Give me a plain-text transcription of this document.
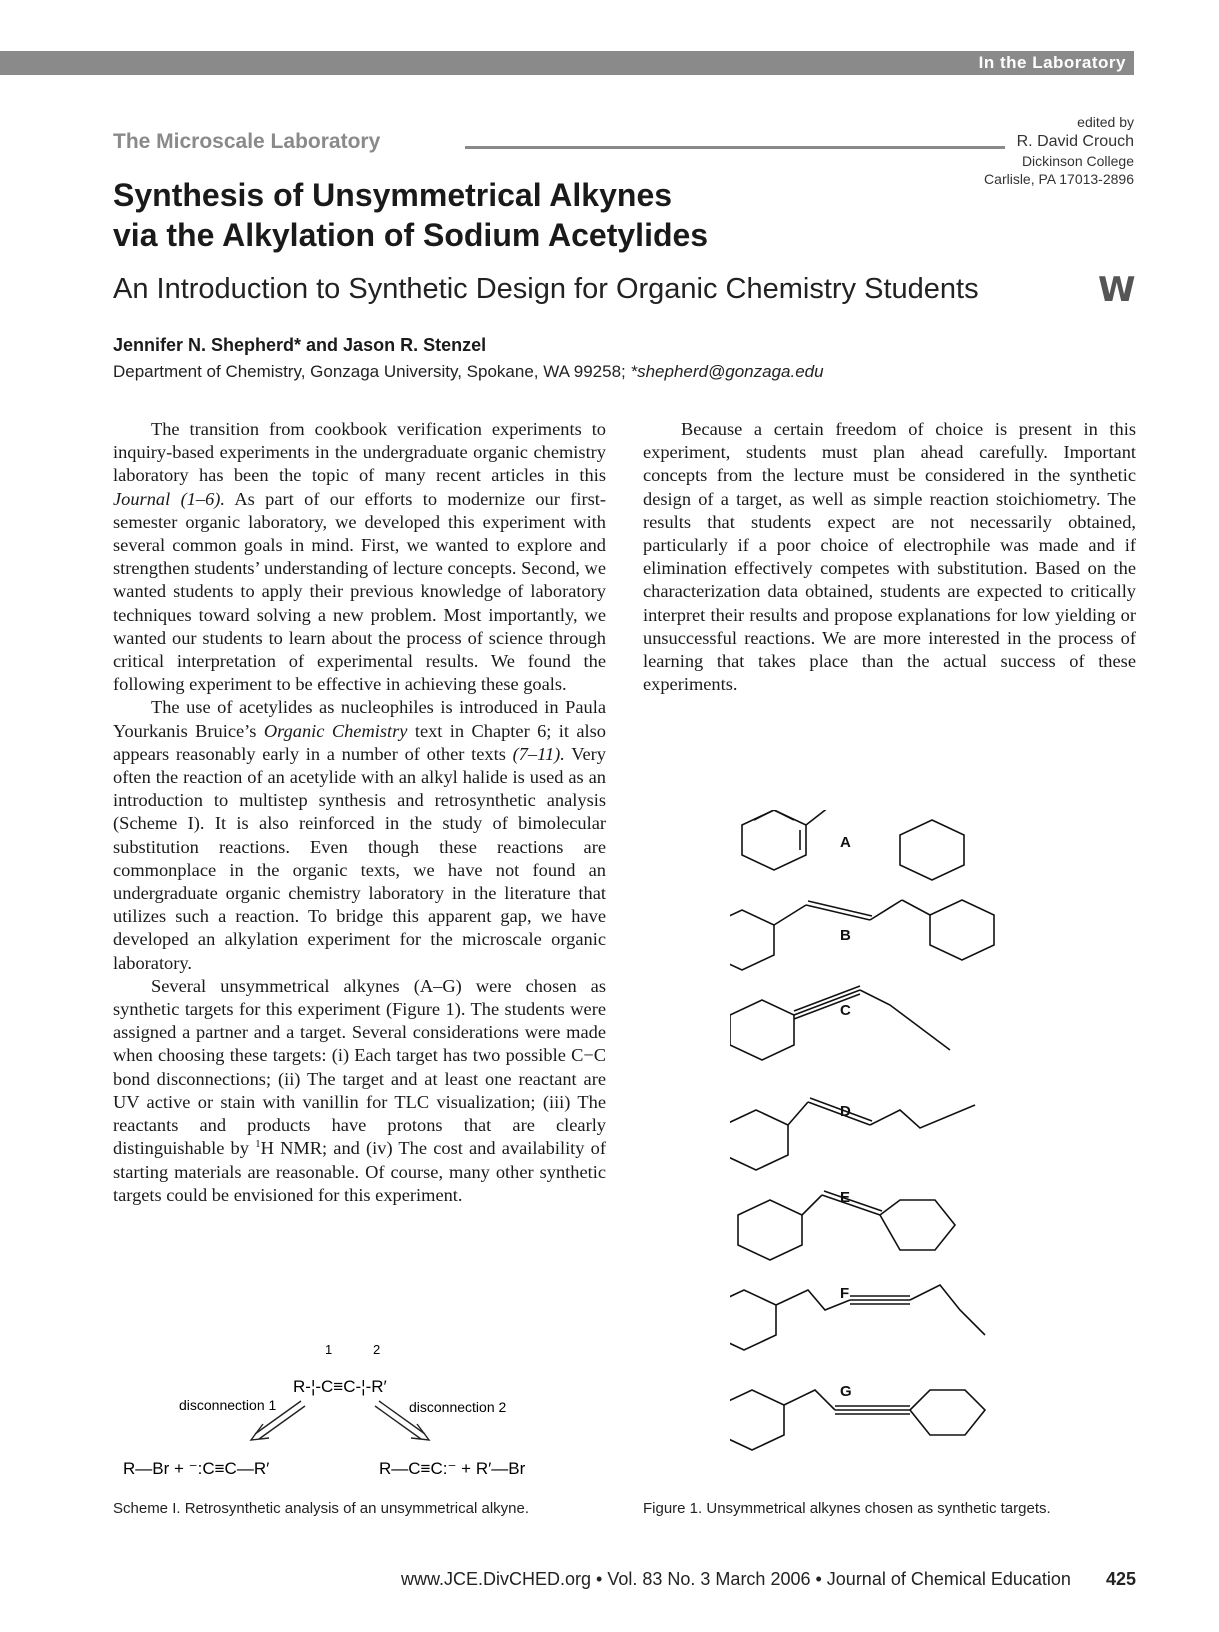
In the Laboratory
edited by
R. David Crouch
Dickinson College
Carlisle, PA 17013-2896
The Microscale Laboratory
Synthesis of Unsymmetrical Alkynes
via the Alkylation of Sodium Acetylides
An Introduction to Synthetic Design for Organic Chemistry Students	W
Jennifer N. Shepherd* and Jason R. Stenzel
Department of Chemistry, Gonzaga University, Spokane, WA 99258; *shepherd@gonzaga.edu

The transition from cookbook verification experiments to inquiry-based experiments in the undergraduate organic chemistry laboratory has been the topic of many recent articles in this Journal (1–6). As part of our efforts to modernize our first-semester organic laboratory, we developed this experiment with several common goals in mind. First, we wanted to explore and strengthen students’ understanding of lecture concepts. Second, we wanted students to apply their previous knowledge of laboratory techniques toward solving a new problem. Most importantly, we wanted our students to learn about the process of science through critical interpretation of experimental results. We found the following experiment to be effective in achieving these goals.

The use of acetylides as nucleophiles is introduced in Paula Yourkanis Bruice’s Organic Chemistry text in Chapter 6; it also appears reasonably early in a number of other texts (7–11). Very often the reaction of an acetylide with an alkyl halide is used as an introduction to multistep synthesis and retrosynthetic analysis (Scheme I). It is also reinforced in the study of bimolecular substitution reactions. Even though these reactions are commonplace in the organic texts, we have not found an undergraduate organic chemistry laboratory in the literature that utilizes such a reaction. To bridge this apparent gap, we have developed an alkylation experiment for the microscale organic laboratory.

Several unsymmetrical alkynes (A–G) were chosen as synthetic targets for this experiment (Figure 1). The students were assigned a partner and a target. Several considerations were made when choosing these targets: (i) Each target has two possible C−C bond disconnections; (ii) The target and at least one reactant are UV active or stain with vanillin for TLC visualization; (iii) The reactants and products have protons that are clearly distinguishable by $^1$H NMR; and (iv) The cost and availability of starting materials are reasonable. Of course, many other synthetic targets could be envisioned for this experiment.

Because a certain freedom of choice is present in this experiment, students must plan ahead carefully. Important concepts from the lecture must be considered in the synthetic design of a target, as well as simple reaction stoichiometry. The results that students expect are not necessarily obtained, particularly if a poor choice of electrophile was made and if elimination effectively competes with substitution. Based on the characterization data obtained, students are expected to critically interpret their results and propose explanations for low yielding or unsuccessful reactions. We are more interested in the process of learning that takes place than the actual success of these experiments.

1	2
R-¦-C≡C-¦-R′
disconnection 1	disconnection 2
R—Br + ⁻:C≡C—R′	R—C≡C:⁻ + R′—Br
Scheme I. Retrosynthetic analysis of an unsymmetrical alkyne.
A
B
C
D
E
F
G
Figure 1. Unsymmetrical alkynes chosen as synthetic targets.
www.JCE.DivCHED.org • Vol. 83 No. 3 March 2006 • Journal of Chemical Education 425
